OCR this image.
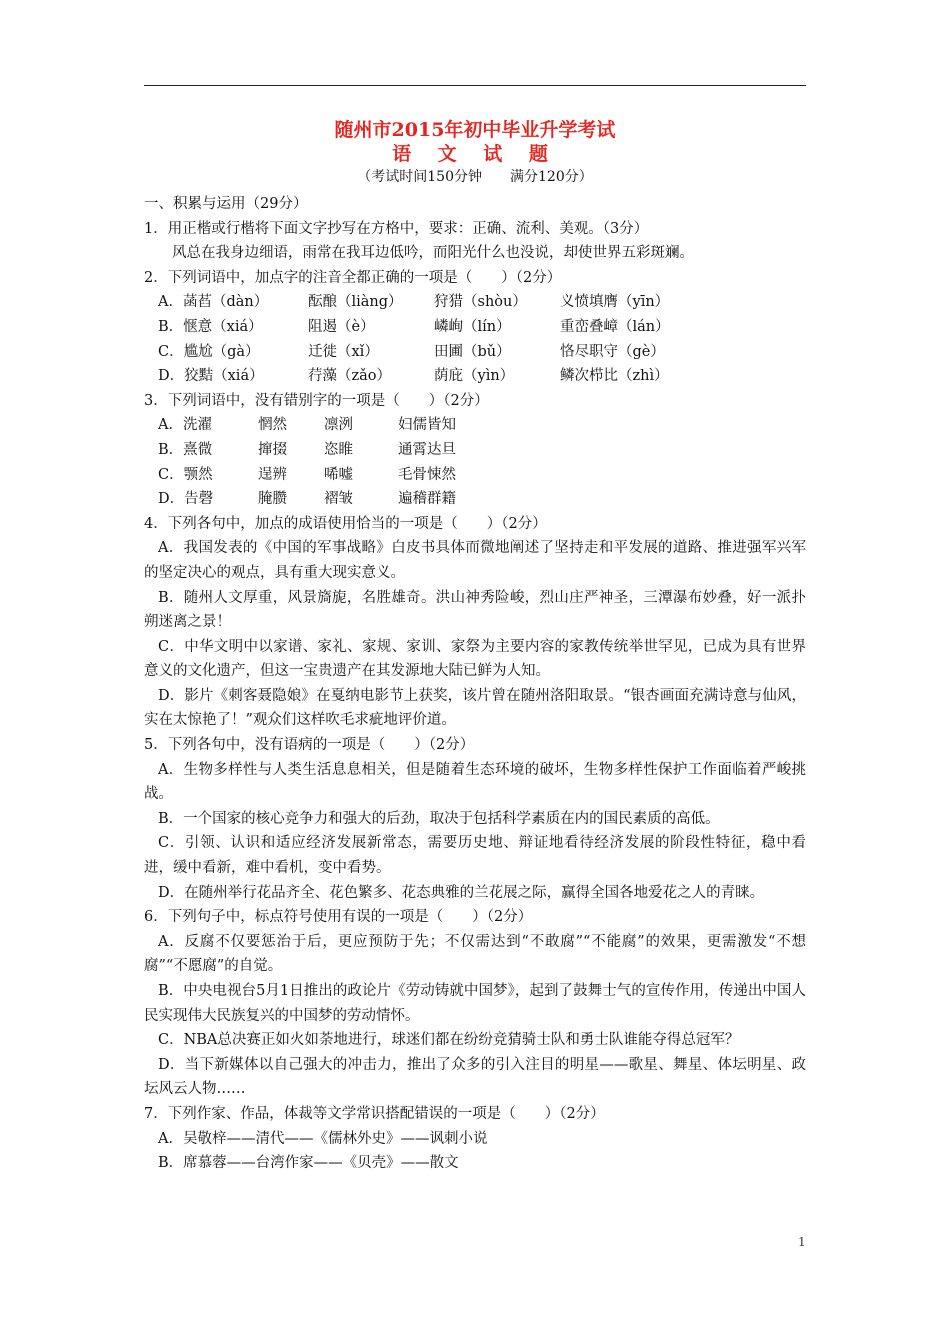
随州市2015年初中毕业升学考试
语 文 试 题
（考试时间150分钟 满分120分）
一、积累与运用（29分）
1．用正楷或行楷将下面文字抄写在方格中，要求：正确、流利、美观。（3分）
风总在我身边细语，雨常在我耳边低吟，而阳光什么也没说，却使世界五彩斑斓。
2．下列词语中，加点字的注音全都正确的一项是（　　）（2分）
A．菡萏（dàn）	酝酿（liàng）	狩猎（shòu）	义愤填膺（yīn）
B．惬意（xiá）	阻遏（è）	嶙峋（lín）	重峦叠嶂（lán）
C．尴尬（gà）	迁徙（xǐ）	田圃（bǔ）	恪尽职守（gè）
D．狡黠（xiá）	荇藻（zǎo）	荫庇（yìn）	鳞次栉比（zhì）
3．下列词语中，没有错别字的一项是（　　）（2分）
A．洗濯	惘然	凛洌	妇儒皆知
B．熹微	撺掇	恣睢	通霄达旦
C．颚然	逞辨	唏嘘	毛骨悚然
D．告磬	腌臜	褶皱	遍稽群籍
4．下列各句中，加点的成语使用恰当的一项是（　　）（2分）
A．我国发表的《中国的军事战略》白皮书具体而微地阐述了坚持走和平发展的道路、推进强军兴军的坚定决心的观点，具有重大现实意义。
B．随州人文厚重，风景旖旎，名胜雄奇。洪山神秀险峻，烈山庄严神圣，三潭瀑布妙叠，好一派扑朔迷离之景！
C．中华文明中以家谱、家礼、家规、家训、家祭为主要内容的家教传统举世罕见，已成为具有世界意义的文化遗产，但这一宝贵遗产在其发源地大陆已鲜为人知。
D．影片《刺客聂隐娘》在戛纳电影节上获奖，该片曾在随州洛阳取景。“银杏画面充满诗意与仙风，实在太惊艳了！”观众们这样吹毛求疵地评价道。
5．下列各句中，没有语病的一项是（　　）（2分）
A．生物多样性与人类生活息息相关，但是随着生态环境的破坏，生物多样性保护工作面临着严峻挑战。
B．一个国家的核心竞争力和强大的后劲，取决于包括科学素质在内的国民素质的高低。
C．引领、认识和适应经济发展新常态，需要历史地、辩证地看待经济发展的阶段性特征，稳中看进，缓中看新，难中看机，变中看势。
D．在随州举行花品齐全、花色繁多、花态典雅的兰花展之际，赢得全国各地爱花之人的青睐。
6．下列句子中，标点符号使用有误的一项是（　　）（2分）
A．反腐不仅要惩治于后，更应预防于先；不仅需达到“不敢腐”“不能腐”的效果，更需激发“不想腐”“不愿腐”的自觉。
B．中央电视台5月1日推出的政论片《劳动铸就中国梦》，起到了鼓舞士气的宣传作用，传递出中国人民实现伟大民族复兴的中国梦的劳动情怀。
C．NBA总决赛正如火如荼地进行，球迷们都在纷纷竞猜骑士队和勇士队谁能夺得总冠军？
D．当下新媒体以自己强大的冲击力，推出了众多的引入注目的明星——歌星、舞星、体坛明星、政坛风云人物……
7．下列作家、作品，体裁等文学常识搭配错误的一项是（　　）（2分）
A．吴敬梓——清代——《儒林外史》——讽刺小说
B．席慕蓉——台湾作家——《贝壳》——散文
1
